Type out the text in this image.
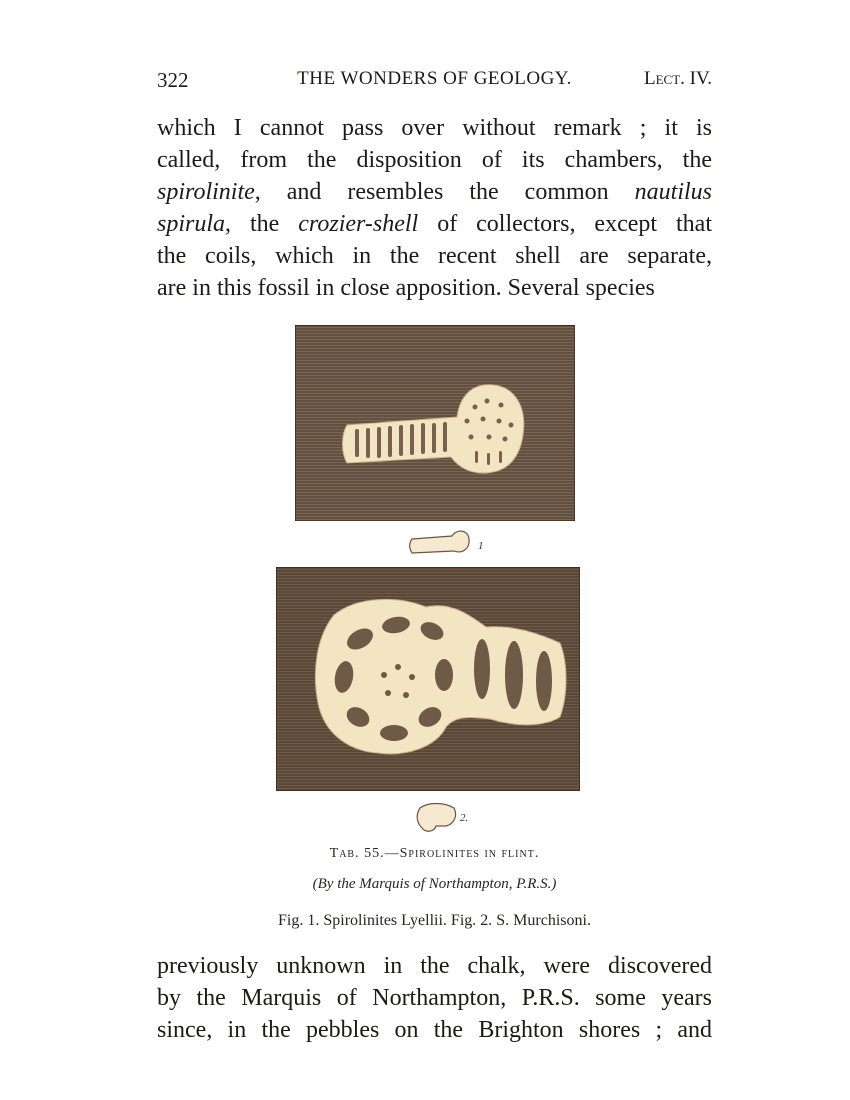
322	THE WONDERS OF GEOLOGY.	Lect. IV.
which I cannot pass over without remark ; it is
called, from the disposition of its chambers, the
spirolinite, and resembles the common nautilus
spirula, the crozier-shell of collectors, except that
the coils, which in the recent shell are separate,
are in this fossil in close apposition. Several species
1
2.
Tab. 55.—Spirolinites in flint.
(By the Marquis of Northampton, P.R.S.)
Fig. 1. Spirolinites Lyellii. Fig. 2. S. Murchisoni.
previously unknown in the chalk, were discovered
by the Marquis of Northampton, P.R.S. some years
since, in the pebbles on the Brighton shores ; and
